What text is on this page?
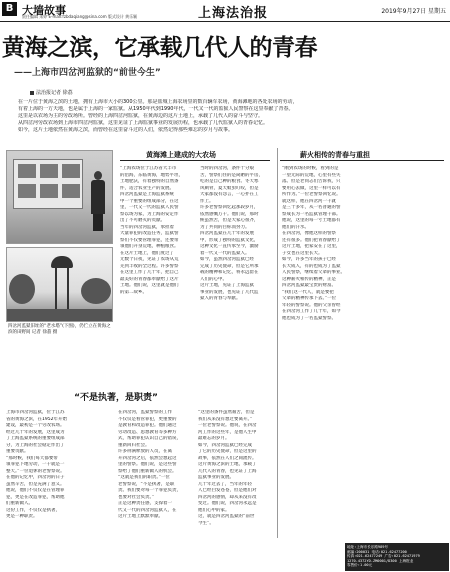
B 大墙故事
责任编辑 朱婷 E-mail:fzbdaqiang@sina.com 版式设计 黄乐颖	上海法治报	2019年9月27日 星期五
黄海之滨，它承载几代人的青春
——上海市四岔河监狱的“前世今生”
法治报记者 徐荔
在一片位于黄海之滨的土地，拥有上海市大小的300公里。那是盐城上海农场里的数百辆车农场，黄海滩地的各处农场的劳动，
有着上海的一方天地，也是属于上海的一家监狱。从1950年代到1990年代，一代又一代的监狱人民警察在这里奉献了青春。
这里是以农场为主的劳改场所。曾经的上海四岔河监狱，在黄海边的这片土地上，承载了几代人的奋斗与坚守。
从四岔河劳改农场到上海市四岔河监狱，这里见证了上海监狱事业的发展历程，也承载了几代监狱人的青春记忆。
如今，这片土地依然在黄海之滨，而曾经在这里奋斗过的人们，依然记得那些难忘的岁月与故事。
四岔河监狱旧址的“老水塔”(下图)，仍伫立在黄海之滨的田野间 记者 徐荔 摄
黄海滩上建成的大农场	薪火相传的青春与重担
“上海农场位于江苏省大丰市
的沿海，东临黄海，地势平坦，
土地肥沃，有着独特的自然条
件，适合农业生产的发展。
四岔河监狱是上海监狱系统
中一个重要的组成部分，在这
里，一代又一代的监狱人民警
察以场为家，为上海的安定作
出了不可磨灭的贡献。
当年的四岔河监狱，承担着
大量罪犯的改造任务，监狱警
察们不仅要管理罪犯，还要带
领他们开垦荒地，种植粮食。
在这片土地上，他们度过了
无数个日夜，见证了农场从荒
芜到丰收的全过程。许多警察
在这里工作了几十年，把自己
最美好的青春都奉献给了这片
土地。他们说，这里就是他们
的第二故乡。
当时的四岔河，条件十分艰
苦，警察们住的是简陋的平房，
吃的是自己种的粮食。冬天寒
风刺骨，夏天蚊虫叮咬，但是
大家都没有怨言，一心扑在工
作上。
许多老警察回忆起那段岁月，
依然感慨万千。他们说，那时
候虽然苦，但是大家心很齐，
为了共同的目标而努力。
四岔河监狱在几十年的发展
中，形成了独特的监狱文化，
这种文化一直传承至今，激励
着一代又一代的监狱人。
如今，虽然四岔河监狱已经
完成了历史使命，但是它所承
载的精神和记忆，将永远留在
人们的心中。
这片土地，见证了上海监狱
事业的发展，也见证了几代监
狱人的青春与奉献。
“刚到农场的时候，看到的是
一望无际的荒地，心里有些失
落。但是老同志们告诉我，只
要用心去做，这里一样可以有
所作为。”一位老警察回忆说。
就这样，他在四岔河一干就
是三十多年，从一名普通的警
察成长为一名监狱管理干部。
他说，这里的每一寸土地都有
他们的汗水。
在四岔河，像他这样的警察
还有很多。他们把青春献给了
这片土地，把家安在了这里，
子女也在这里长大。
如今，许多当年的孩子已经
长大成人，有的也成为了监狱
人民警察，继续着父辈的事业。
这种薪火相传的精神，正是
四岔河监狱最宝贵的财富。
“我们这一代人，就是要把
父辈的精神传承下去。”一位
年轻的警察说。他的父亲曾经
在四岔河工作了几十年，如今
他也成为了一名监狱警察。
“不是执著，是职责”
上海市四岔河监狱，位于江苏
省的黄海之滨，在1952年开始
建设，最初是一个劳改农场。
经过几十年的发展，这里成为
了上海监狱系统的重要组成部
分，为上海的社会稳定作出了
重要贡献。
“那时候，我们每天都要带
领罪犯下地劳动，一干就是一
整天。”一位退休的老警察说。
在他的记忆中，四岔河的日子
虽然辛苦，但是充满了意义。
他说，他们不仅仅是在管理罪
犯，更是在改造罪犯，帮助他
们重新做人。
这份工作，不仅仅是执著，
更是一种职责。
在四岔河，监狱警察的工作
不仅仅是看管罪犯，更重要的
是教育和改造罪犯。他们通过
劳动改造、思想教育等多种方
式，帮助罪犯认识自己的错误，
重新回归社会。
许多刑满释放的人员，在离
开四岔河之后，依然会想起这
里的警察。他们说，是这些警
察给了他们重新做人的机会。
“这就是我们的职责。”一位
老警察说，“不是执著，是职
责。我们要对每一个罪犯负责，
也要对社会负责。”
正是这种责任感，支撑着一
代又一代的四岔河监狱人，在
这片土地上默默奉献。
“这里的条件虽然艰苦，但是
我们从来没有想过要离开。”
一位老警察说。他说，在四岔
河工作的这些年，是他人生中
最难忘的岁月。
如今，四岔河监狱已经完成
了它的历史使命，但是这里的
故事，依然在人们之间流传。
这片黄海之滨的土地，承载了
几代人的青春，也见证了上海
监狱事业的发展。
几十年过去了，当年的年轻
人已经白发苍苍，但是他们对
四岔河的感情，却从来没有改
变过。他们说，四岔河永远是
他们心中的家。
这，就是四岔河监狱的“前世
今生”。
地址:上海市长乐路989号
邮编:200031 电话:021-62477200
传真:021-62477249 广告:021-62471979
1270-4372YD-ZM0001/D300 上海报业
零售价:1.00元
